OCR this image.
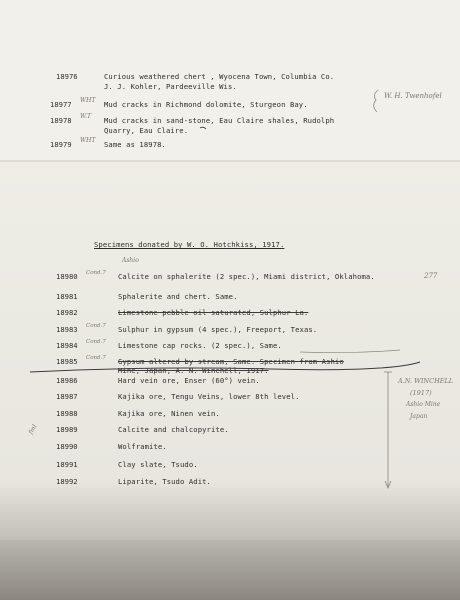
18976	Curious weathered chert , Wyocena Town, Columbia Co.
J. J. Kohler, Pardeeville Wis.
18977 WHT Mud cracks in Richmond dolomite, Sturgeon Bay.
18978 W.T Mud cracks in sand-stone, Eau Claire shales, Rudolph
Quarry, Eau Claire.
18979 WHT Same as 18978.
W. H. Twenhofel
Specimens donated by W. O. Hotchkiss, 1917.
Ashio
277
A.N. WINCHELL
(1917)
Ashio Mine
Japan
fml
18980 Cond.7 Calcite on sphalerite (2 spec.), Miami district, Oklahoma.
18981	Sphalerite and chert. Same.
18982	Limestone pebble oil saturated, Sulphur La.
18983 Cond.7 Sulphur in gypsum (4 spec.), Freeport, Texas.
18984 Cond.7 Limestone cap rocks. (2 spec.), Same.
18985 Cond.7 Gypsum altered by stream, Same. Specimen from Ashio
Mine, Japan, A. N. Winchell, 1917.
18986	Hard vein ore, Enser (60°) vein.
18987	Kajika ore, Tengu Veins, lower 8th level.
18988	Kajika ore, Ninen vein.
18989	Calcite and chalcopyrite.
18990	Wolframite.
18991	Clay slate, Tsudo.
18992	Liparite, Tsudo Adit.
